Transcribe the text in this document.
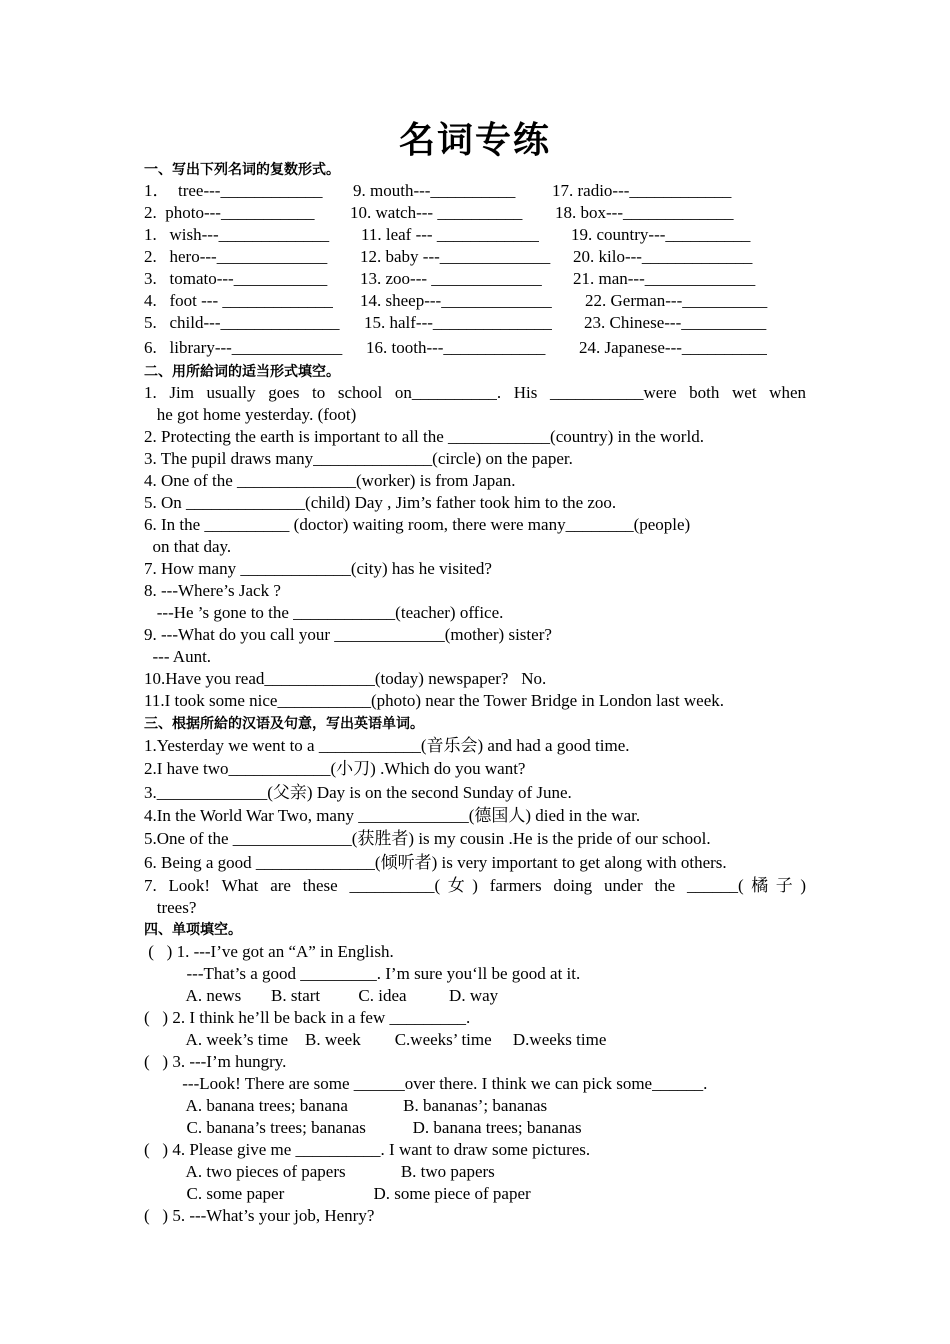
名词专练
一、写出下列名词的复数形式。
1．  tree---____________ 9. mouth---__________ 17. radio---____________
2.  photo---___________ 10. watch--- __________ 18. box---_____________
1.   wish---_____________ 11. leaf --- ____________ 19. country---__________
2.   hero---_____________ 12. baby ---_____________ 20. kilo---_____________
3.   tomato---___________ 13. zoo--- _____________ 21. man---_____________
4.   foot --- _____________ 14. sheep---_____________ 22. German---__________
5.   child---______________ 15. half---______________ 23. Chinese---__________
6.   library---_____________ 16. tooth---____________ 24. Japanese---__________
二、用所給词的适当形式填空。
1. Jim usually goes to school on__________. His ___________were both wet when
he got home yesterday. (foot)
2. Protecting the earth is important to all the ____________(country) in the world.
3. The pupil draws many______________(circle) on the paper.
4. One of the ______________(worker) is from Japan.
5. On ______________(child) Day , Jim’s father took him to the zoo.
6. In the __________ (doctor) waiting room, there were many________(people)
on that day.
7. How many _____________(city) has he visited?
8. ---Where’s Jack ?
---He ’s gone to the ____________(teacher) office.
9. ---What do you call your _____________(mother) sister?
--- Aunt.
10.Have you read_____________(today) newspaper?   No.
11.I took some nice___________(photo) near the Tower Bridge in London last week.
三、根据所給的汉语及句意，写出英语单词。
1.Yesterday we went to a ____________(音乐会) and had a good time.
2.I have two____________(小刀) .Which do you want?
3._____________(父亲) Day is on the second Sunday of June.
4.In the World War Two, many _____________(德国人) died in the war.
5.One of the ______________(获胜者) is my cousin .He is the pride of our school.
6. Being a good ______________(倾听者) is very important to get along with others.
7. Look! What are these __________(女) farmers doing under the ______(橘子)
trees?
四、单项填空。
(   ) 1. ---I’ve got an “A” in English.
---That’s a good _________. I’m sure you‘ll be good at it.
A. news       B. start         C. idea          D. way
(   ) 2. I think he’ll be back in a few _________.
A. week’s time    B. week        C.weeks’ time     D.weeks time
(   ) 3. ---I’m hungry.
---Look! There are some ______over there. I think we can pick some______.
A. banana trees; banana             B. bananas’; bananas
C. banana’s trees; bananas           D. banana trees; bananas
(   ) 4. Please give me __________. I want to draw some pictures.
A. two pieces of papers             B. two papers
C. some paper                     D. some piece of paper
(   ) 5. ---What’s your job, Henry?
